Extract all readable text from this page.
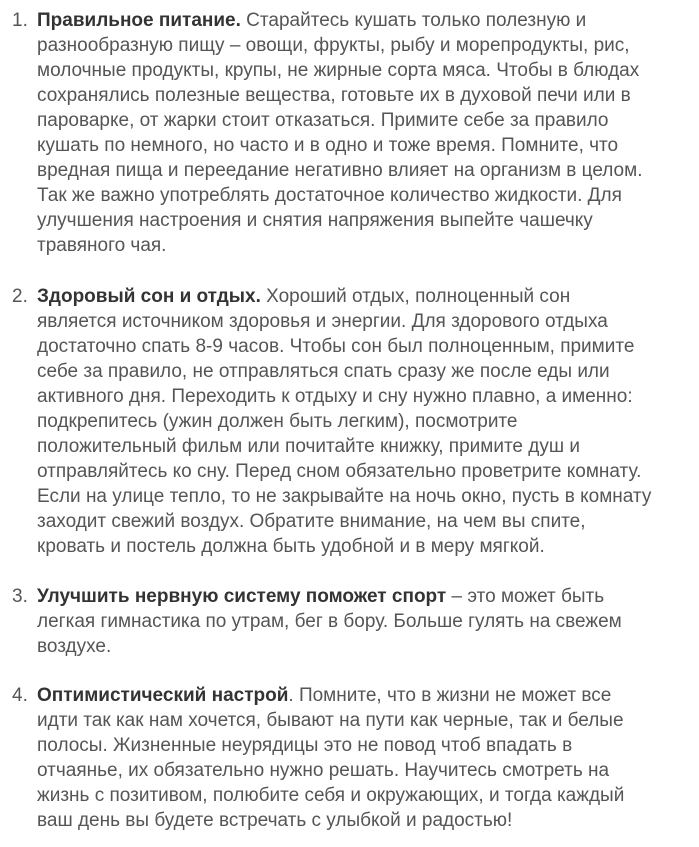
1. Правильное питание. Старайтесь кушать только полезную и
разнообразную пищу – овощи, фрукты, рыбу и морепродукты, рис,
молочные продукты, крупы, не жирные сорта мяса. Чтобы в блюдах
сохранялись полезные вещества, готовьте их в духовой печи или в
пароварке, от жарки стоит отказаться. Примите себе за правило
кушать по немного, но часто и в одно и тоже время. Помните, что
вредная пища и переедание негативно влияет на организм в целом.
Так же важно употреблять достаточное количество жидкости. Для
улучшения настроения и снятия напряжения выпейте чашечку
травяного чая.
2. Здоровый сон и отдых. Хороший отдых, полноценный сон
является источником здоровья и энергии. Для здорового отдыха
достаточно спать 8-9 часов. Чтобы сон был полноценным, примите
себе за правило, не отправляться спать сразу же после еды или
активного дня. Переходить к отдыху и сну нужно плавно, а именно:
подкрепитесь (ужин должен быть легким), посмотрите
положительный фильм или почитайте книжку, примите душ и
отправляйтесь ко сну. Перед сном обязательно проветрите комнату.
Если на улице тепло, то не закрывайте на ночь окно, пусть в комнату
заходит свежий воздух. Обратите внимание, на чем вы спите,
кровать и постель должна быть удобной и в меру мягкой.
3. Улучшить нервную систему поможет спорт – это может быть
легкая гимнастика по утрам, бег в бору. Больше гулять на свежем
воздухе.
4. Оптимистический настрой. Помните, что в жизни не может все
идти так как нам хочется, бывают на пути как черные, так и белые
полосы. Жизненные неурядицы это не повод чтоб впадать в
отчаянье, их обязательно нужно решать. Научитесь смотреть на
жизнь с позитивом, полюбите себя и окружающих, и тогда каждый
ваш день вы будете встречать с улыбкой и радостью!
